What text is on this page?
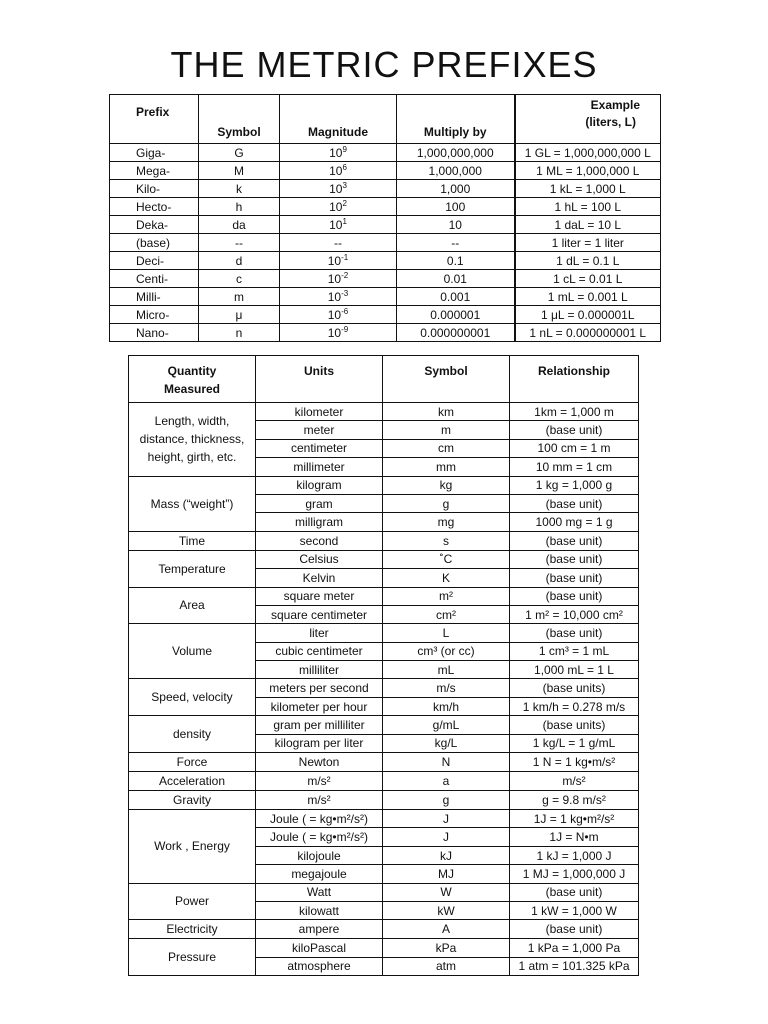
THE METRIC PREFIXES
Prefix	Symbol	Magnitude	Multiply by	Example
(liters, L)

Giga-	G	$10^9$	1,000,000,000	1 GL = 1,000,000,000 L
Mega-	M	$10^6$	1,000,000	1 ML = 1,000,000 L
Kilo-	k	$10^3$	1,000	1 kL = 1,000 L
Hecto-	h	$10^2$	100	1 hL = 100 L
Deka-	da	$10^1$	10	1 daL = 10 L
(base)	--	--	--	1 liter = 1 liter
Deci-	d	$10^{-1}$	0.1	1 dL = 0.1 L
Centi-	c	$10^{-2}$	0.01	1 cL = 0.01 L
Milli-	m	$10^{-3}$	0.001	1 mL = 0.001 L
Micro-	μ	$10^{-6}$	0.000001	1 μL = 0.000001L
Nano-	n	$10^{-9}$	0.000000001	1 nL = 0.000000001 L
Quantity
Measured	Units	Symbol	Relationship
Length, width, distance, thickness, height, girth, etc.	kilometer	km	1km = 1,000 m
	meter	m	(base unit)
	centimeter	cm	100 cm = 1 m
	millimeter	mm	10 mm = 1 cm
Mass (“weight”)	kilogram	kg	1 kg = 1,000 g
	gram	g	(base unit)
	milligram	mg	1000 mg = 1 g
Time	second	s	(base unit)
Temperature	Celsius	˚C	(base unit)
	Kelvin	K	(base unit)
Area	square meter	m²	(base unit)
	square centimeter	cm²	1 m² = 10,000 cm²
Volume	liter	L	(base unit)
	cubic centimeter	cm³ (or cc)	1 cm³ = 1 mL
	milliliter	mL	1,000 mL = 1 L
Speed, velocity	meters per second	m/s	(base units)
	kilometer per hour	km/h	1 km/h = 0.278 m/s
density	gram per milliliter	g/mL	(base units)
	kilogram per liter	kg/L	1 kg/L = 1 g/mL
Force	Newton	N	1 N = 1 kg•m/s²
Acceleration	m/s²	a	m/s²
Gravity	m/s²	g	g = 9.8 m/s²
Work , Energy	Joule ( = kg•m²/s²)	J	1J = 1 kg•m²/s²
	Joule ( = kg•m²/s²)	J	1J = N•m
	kilojoule	kJ	1 kJ = 1,000 J
	megajoule	MJ	1 MJ = 1,000,000 J
Power	Watt	W	(base unit)
	kilowatt	kW	1 kW = 1,000 W
Electricity	ampere	A	(base unit)
Pressure	kiloPascal	kPa	1 kPa = 1,000 Pa
	atmosphere	atm	1 atm = 101.325 kPa
